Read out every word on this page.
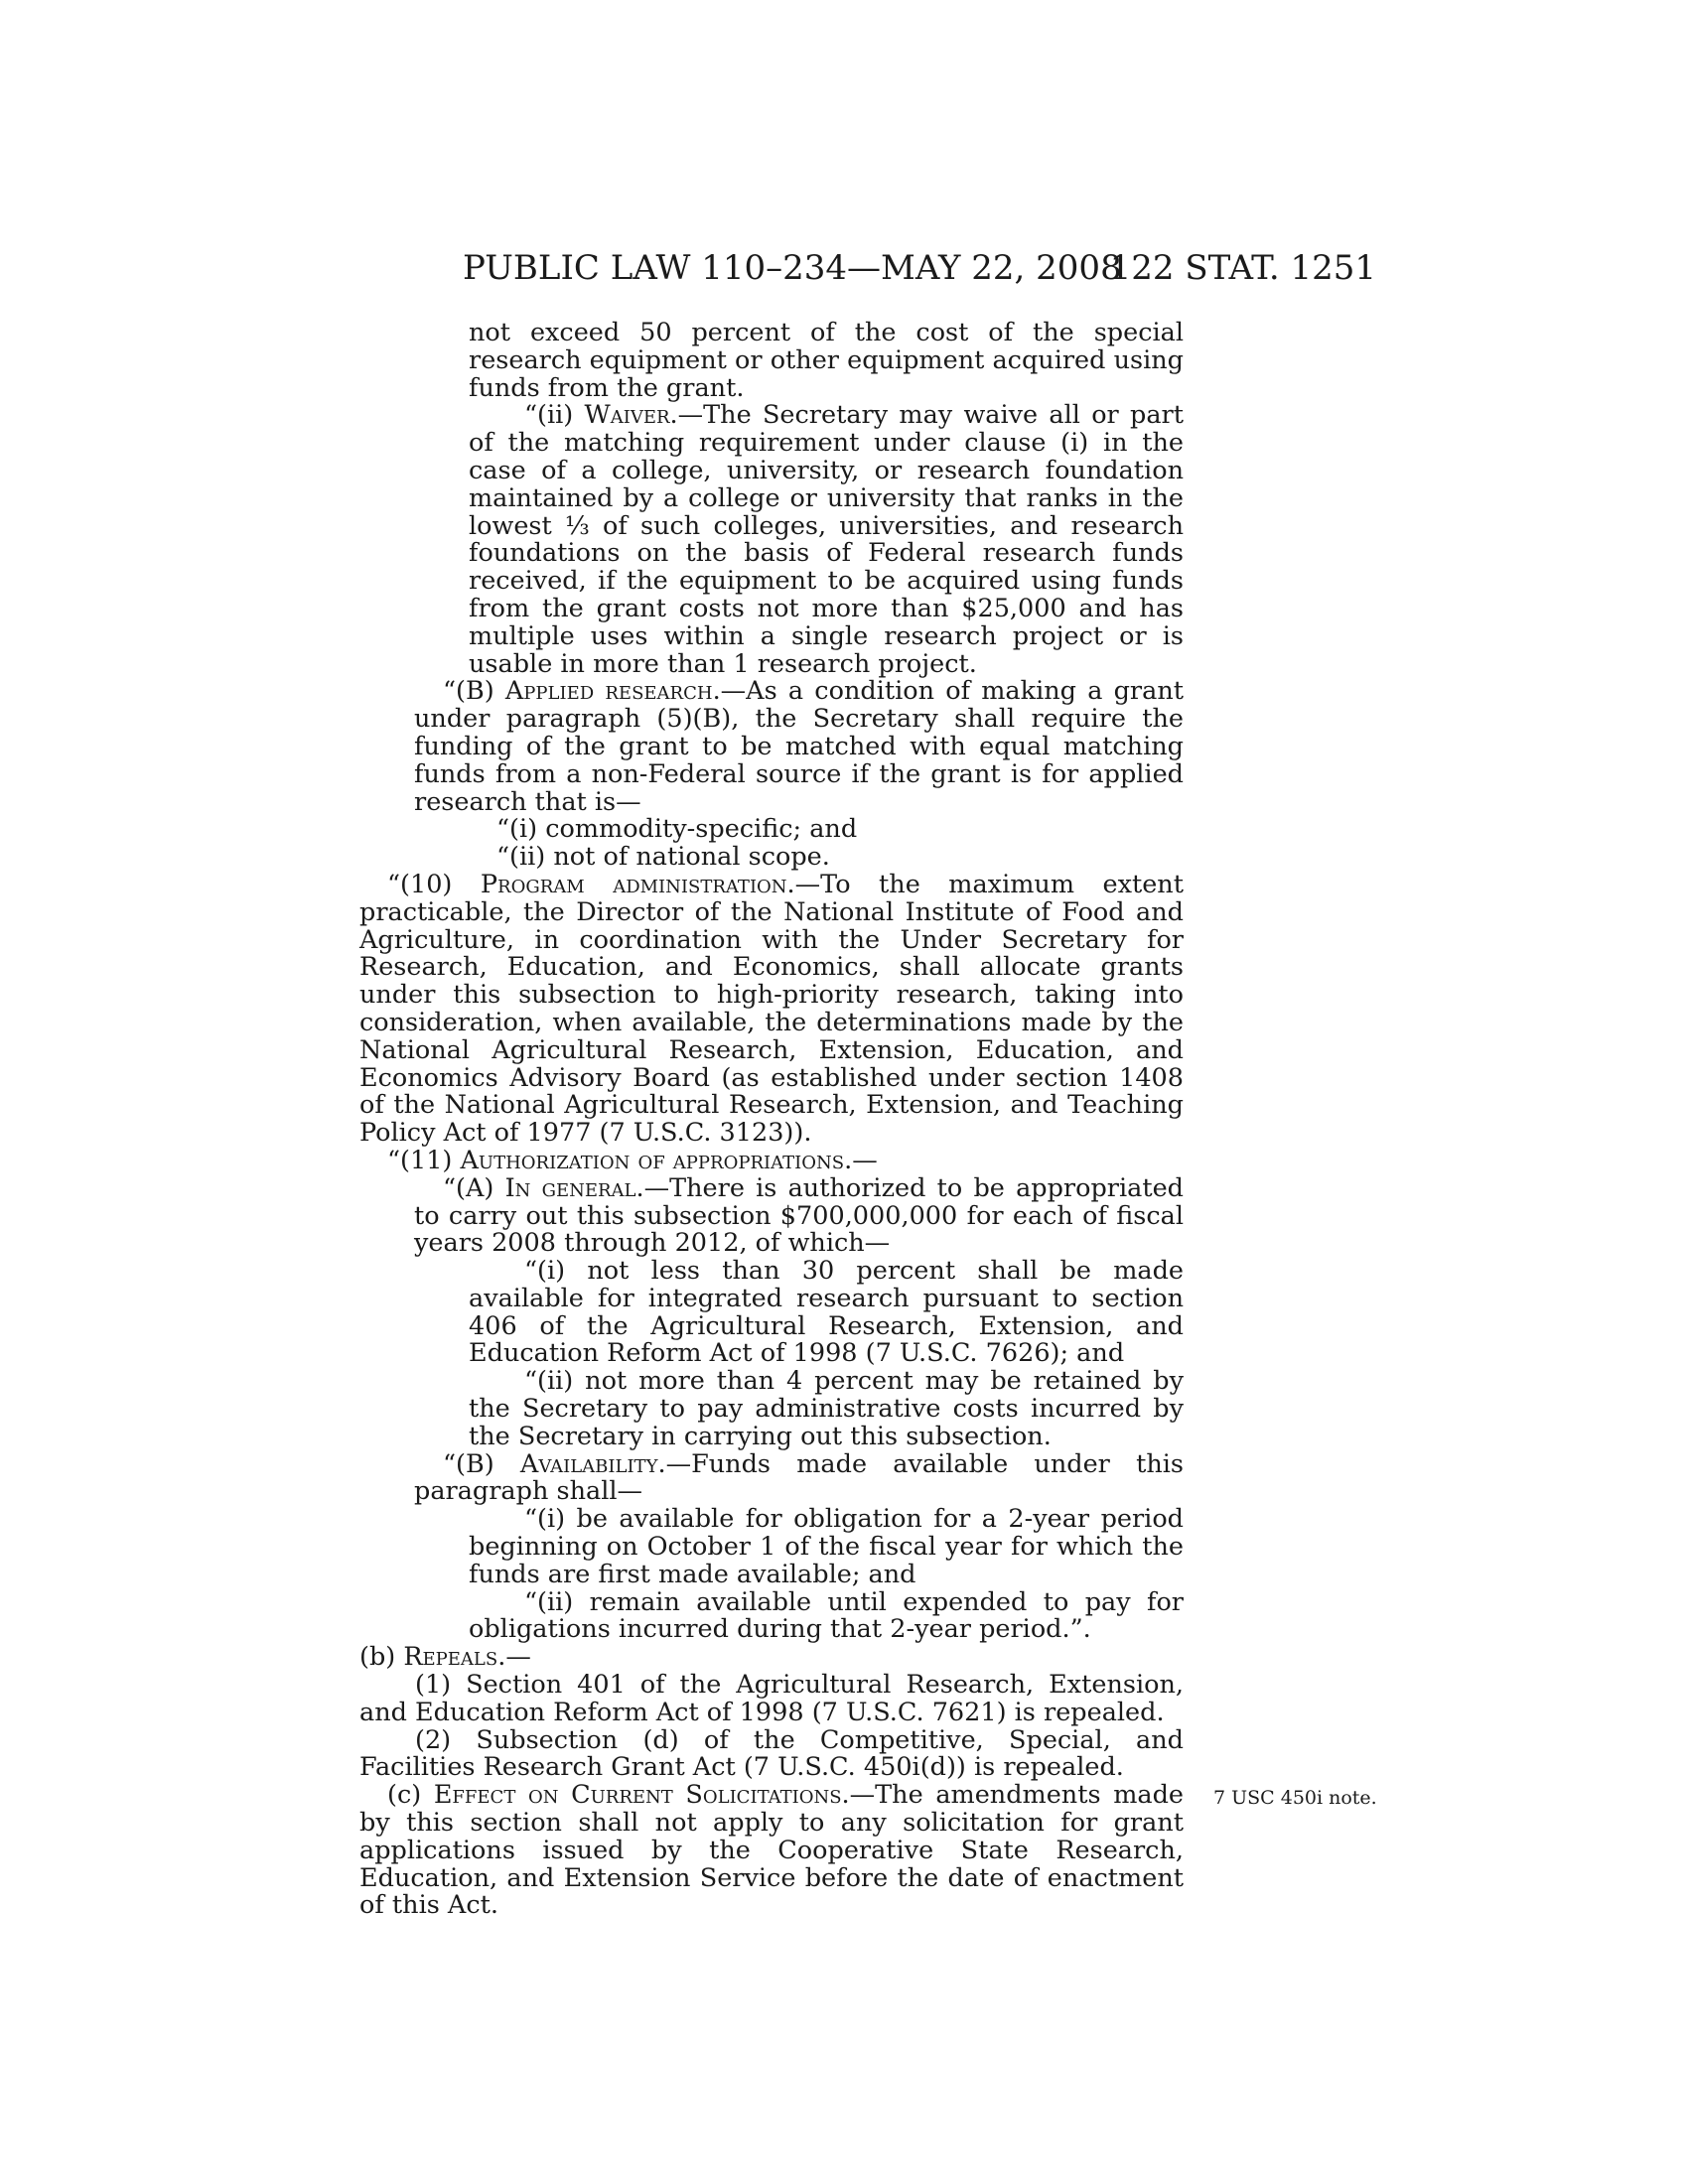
PUBLIC LAW 110–234—MAY 22, 2008
122 STAT. 1251

not exceed 50 percent of the cost of the special research equipment or other equipment acquired using funds from the grant.

“(ii) Waiver.—The Secretary may waive all or part of the matching requirement under clause (i) in the case of a college, university, or research foundation maintained by a college or university that ranks in the lowest ⅓ of such colleges, universities, and research foundations on the basis of Federal research funds received, if the equipment to be acquired using funds from the grant costs not more than $25,000 and has multiple uses within a single research project or is usable in more than 1 research project.

“(B) Applied research.—As a condition of making a grant under paragraph (5)(B), the Secretary shall require the funding of the grant to be matched with equal matching funds from a non-Federal source if the grant is for applied research that is—

“(i) commodity-specific; and

“(ii) not of national scope.

“(10) Program administration.—To the maximum extent practicable, the Director of the National Institute of Food and Agriculture, in coordination with the Under Secretary for Research, Education, and Economics, shall allocate grants under this subsection to high-priority research, taking into consideration, when available, the determinations made by the National Agricultural Research, Extension, Education, and Economics Advisory Board (as established under section 1408 of the National Agricultural Research, Extension, and Teaching Policy Act of 1977 (7 U.S.C. 3123)).

“(11) Authorization of appropriations.—

“(A) In general.—There is authorized to be appropriated to carry out this subsection $700,000,000 for each of fiscal years 2008 through 2012, of which—

“(i) not less than 30 percent shall be made available for integrated research pursuant to section 406 of the Agricultural Research, Extension, and Education Reform Act of 1998 (7 U.S.C. 7626); and

“(ii) not more than 4 percent may be retained by the Secretary to pay administrative costs incurred by the Secretary in carrying out this subsection.

“(B) Availability.—Funds made available under this paragraph shall—

“(i) be available for obligation for a 2-year period beginning on October 1 of the fiscal year for which the funds are first made available; and

“(ii) remain available until expended to pay for obligations incurred during that 2-year period.”.

(b) Repeals.—

(1) Section 401 of the Agricultural Research, Extension, and Education Reform Act of 1998 (7 U.S.C. 7621) is repealed.

(2) Subsection (d) of the Competitive, Special, and Facilities Research Grant Act (7 U.S.C. 450i(d)) is repealed.

(c) Effect on Current Solicitations.—The amendments made by this section shall not apply to any solicitation for grant applications issued by the Cooperative State Research, Education, and Extension Service before the date of enactment of this Act.

7 USC 450i note.
